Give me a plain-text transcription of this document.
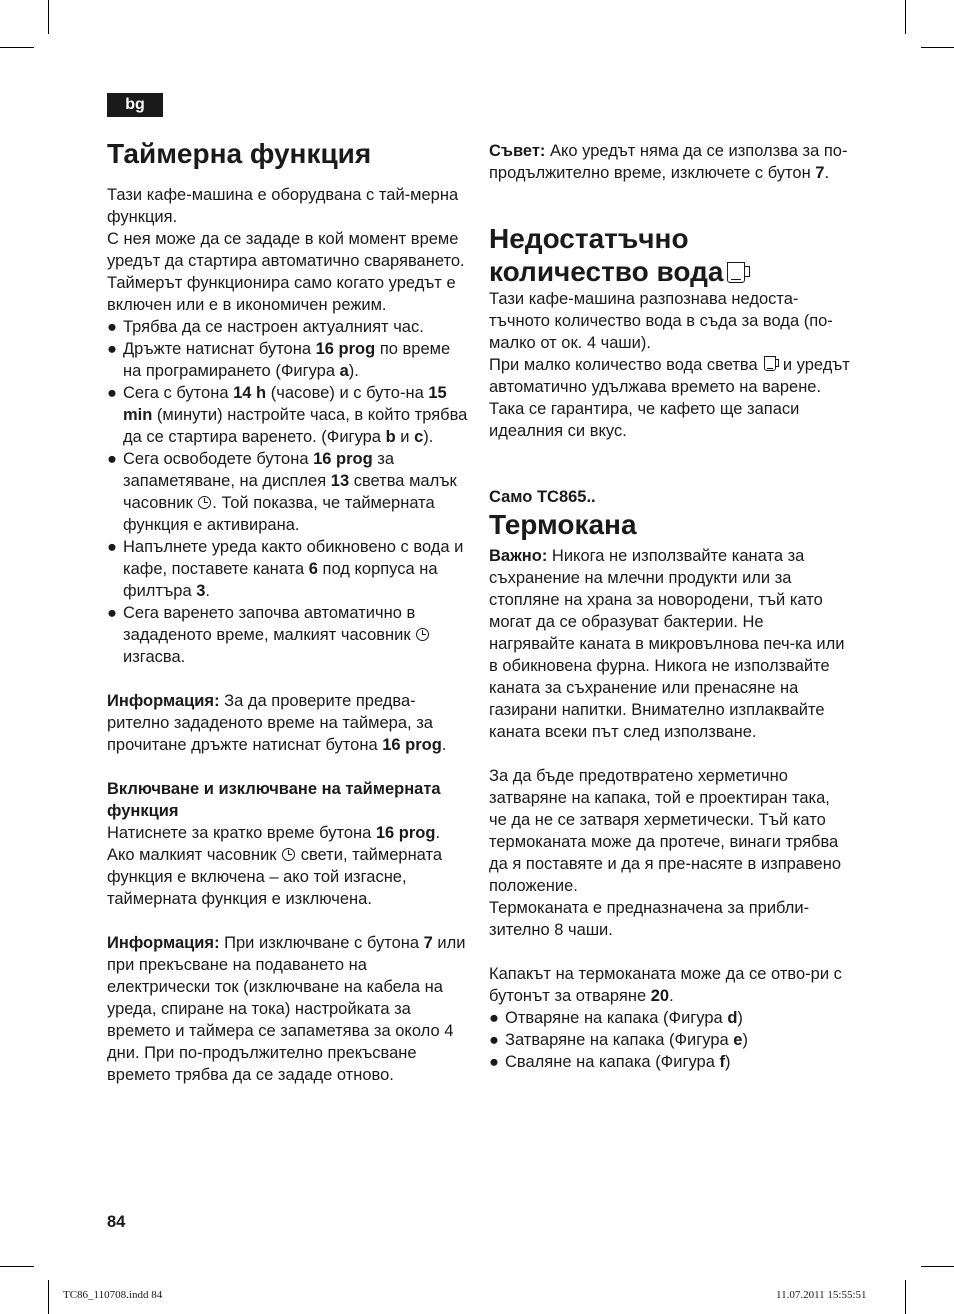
bg
Таймерна функция

Тази кафе-машина е оборудвана с тай-мерна функция.

С нея може да се зададе в кой момент време уредът да стартира автоматично сваряването. Таймерът функционира само когато уредът е включен или е в икономичен режим.

● Трябва да се настроен актуалният час.
● Дръжте натиснат бутона 16 prog по време на програмирането (Фигура a).
● Сега с бутона 14 h (часове) и с буто-на 15 min (минути) настройте часа, в който трябва да се стартира варенето. (Фигура b и c).
● Сега освободете бутона 16 prog за запаметяване, на дисплея 13 светва малък часовник . Той показва, че таймерната функция е активирана.
● Напълнете уреда както обикновено с вода и кафе, поставете каната 6 под корпуса на филтъра 3.
● Сега варенето започва автоматично в зададеното време, малкият часовник  изгасва.

Информация: За да проверите предва-рително зададеното време на таймера, за прочитане дръжте натиснат бутона 16 prog.

Включване и изключване на таймерната функция

Натиснете за кратко време бутона 16 prog. Ако малкият часовник  свети, таймерната функция е включена – ако той изгасне, таймерната функция е изключена.

Информация: При изключване с бутона 7 или при прекъсване на подаването на електрически ток (изключване на кабела на уреда, спиране на тока) настройката за времето и таймера се запаметява за около 4 дни. При по-продължително прекъсване времето трябва да се зададе отново.

Съвет: Ако уредът няма да се използва за по-продължително време, изключете с бутон 7.

Недостатъчно
количество вода

Тази кафе-машина разпознава недоста-тъчното количество вода в съда за вода (по-малко от ок. 4 чаши).

При малко количество вода светва  и уредът автоматично удължава времето на варене. Така се гарантира, че кафето ще запаси идеалния си вкус.

Само TC865..

Термокана

Важно: Никога не използвайте каната за съхранение на млечни продукти или за стопляне на храна за новородени, тъй като могат да се образуват бактерии. Не нагрявайте каната в микровълнова печ-ка или в обикновена фурна. Никога не използвайте каната за съхранение или пренасяне на газирани напитки. Внимателно изплаквайте каната всеки път след използване.

За да бъде предотвратено херметично затваряне на капака, той е проектиран така, че да не се затваря херметически. Тъй като термоканата може да протече, винаги трябва да я поставяте и да я пре-насяте в изправено положение.

Термоканата е предназначена за прибли-зително 8 чаши.

Капакът на термоканата може да се отво-ри с бутонът за отваряне 20.

● Отваряне на капака (Фигура d)
● Затваряне на капака (Фигура e)
● Сваляне на капака (Фигура f)
84
TC86_110708.indd 84	11.07.2011 15:55:51
